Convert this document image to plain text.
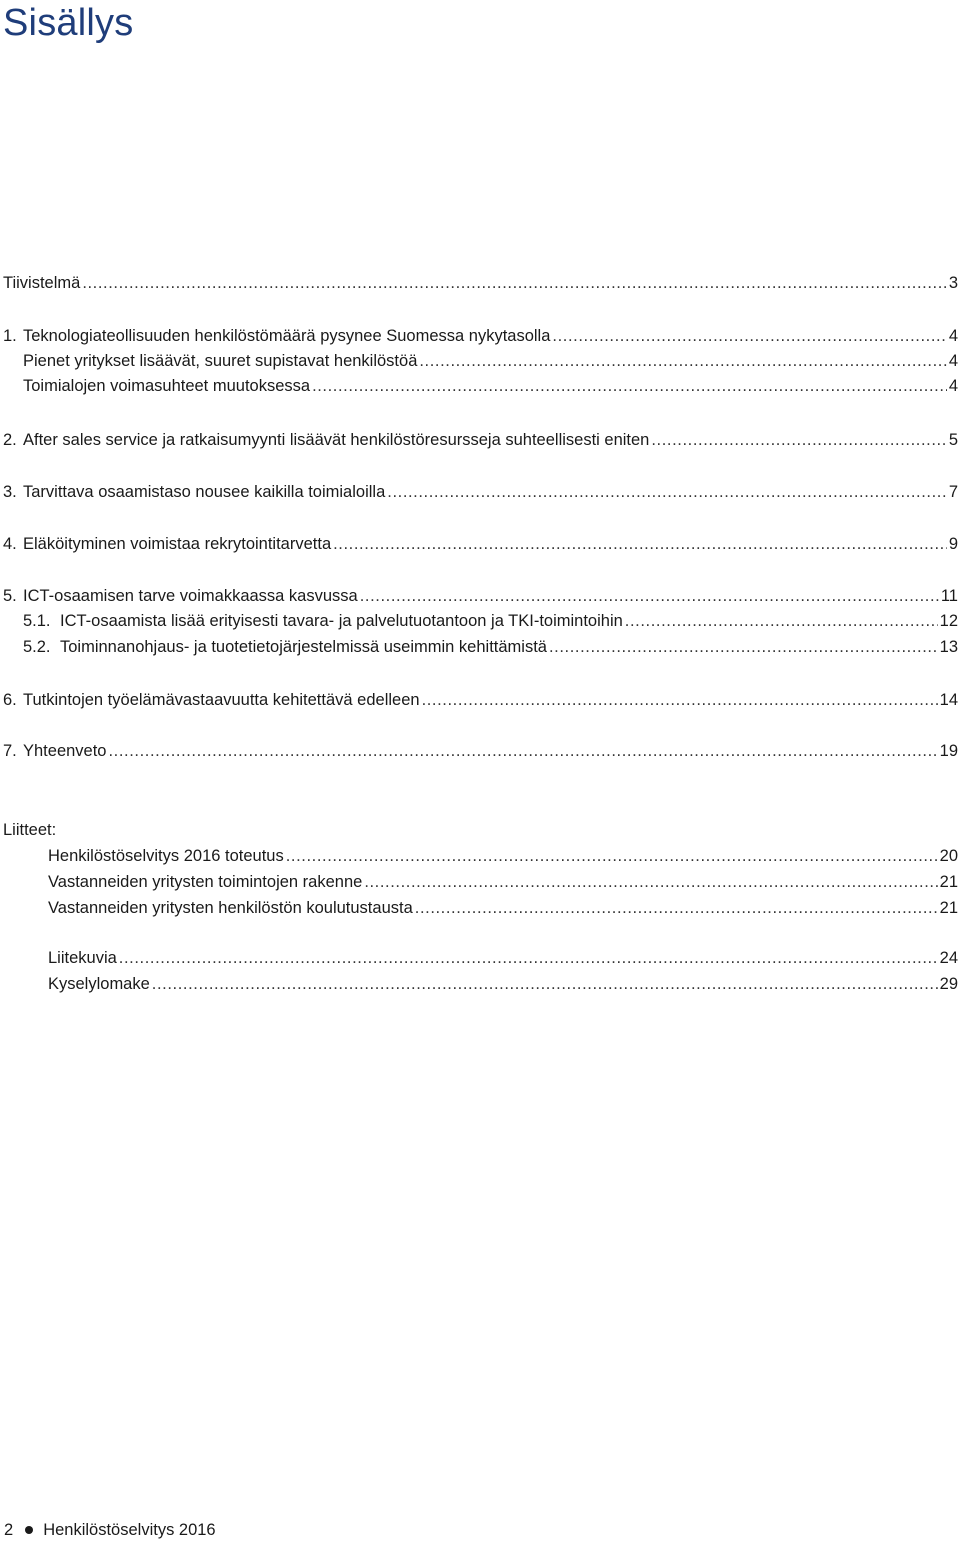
Sisällys
Tiivistelmä .....	3
1. Teknologiateollisuuden henkilöstömäärä pysynee Suomessa nykytasolla .....	4
Pienet yritykset lisäävät, suuret supistavat henkilöstöä .....	4
Toimialojen voimasuhteet muutoksessa .....	4
2. After sales service ja ratkaisumyynti lisäävät henkilöstöresursseja suhteellisesti eniten .....	5
3. Tarvittava osaamistaso nousee kaikilla toimialoilla .....	7
4. Eläköityminen voimistaa rekrytointitarvetta .....	9
5. ICT-osaamisen tarve voimakkaassa kasvussa .....	11
5.1. ICT-osaamista lisää erityisesti tavara- ja palvelutuotantoon ja TKI-toimintoihin .....	12
5.2. Toiminnanohjaus- ja tuotetietojärjestelmissä useimmin kehittämistä .....	13
6. Tutkintojen työelämävastaavuutta kehitettävä edelleen .....	14
7. Yhteenveto .....	19
Liitteet:
Henkilöstöselvitys 2016 toteutus .....	20
Vastanneiden yritysten toimintojen rakenne .....	21
Vastanneiden yritysten henkilöstön koulutustausta .....	21
Liitekuvia .....	24
Kyselylomake .....	29
2 Henkilöstöselvitys 2016
